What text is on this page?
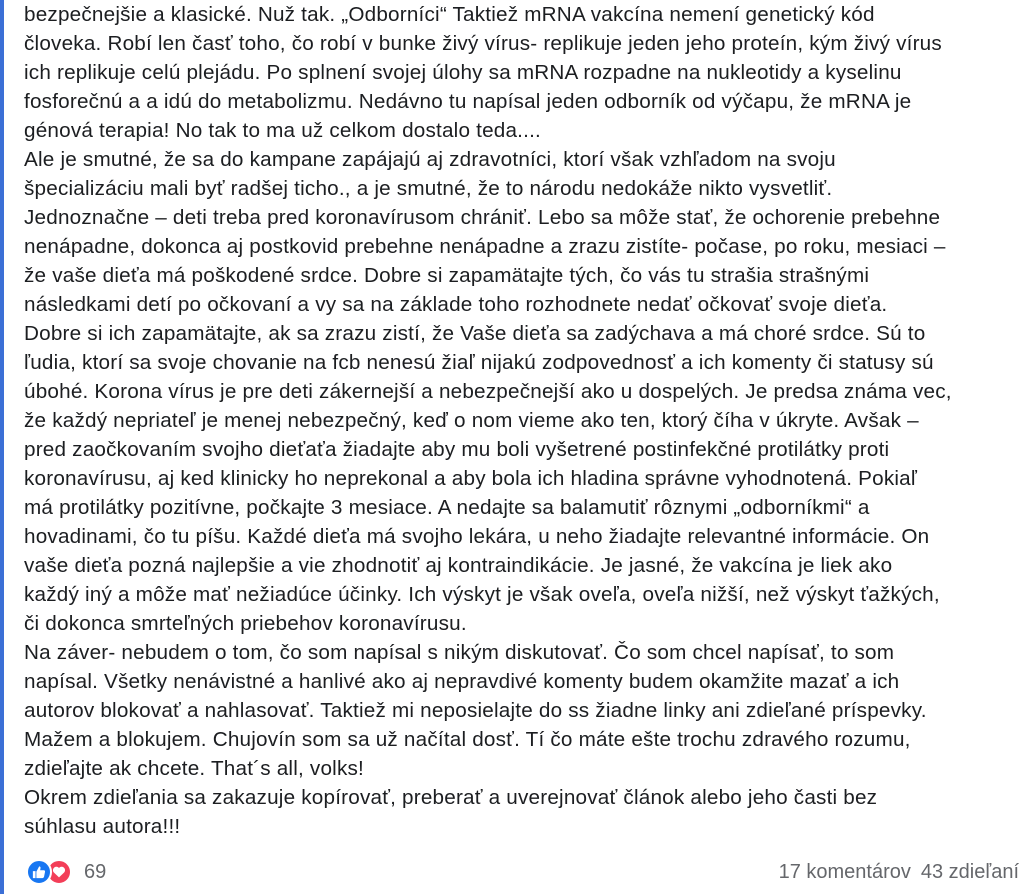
bezpečnejšie a klasické. Nuž tak. „Odborníci“ Taktiež mRNA vakcína nemení genetický kód
človeka. Robí len časť toho, čo robí v bunke živý vírus- replikuje jeden jeho proteín, kým živý vírus
ich replikuje celú plejádu. Po splnení svojej úlohy sa mRNA rozpadne na nukleotidy a kyselinu
fosforečnú a a idú do metabolizmu. Nedávno tu napísal jeden odborník od výčapu, že mRNA je
génová terapia! No tak to ma už celkom dostalo teda....
Ale je smutné, že sa do kampane zapájajú aj zdravotníci, ktorí však vzhľadom na svoju
špecializáciu mali byť radšej ticho., a je smutné, že to národu nedokáže nikto vysvetliť.
Jednoznačne – deti treba pred koronavírusom chrániť. Lebo sa môže stať, že ochorenie prebehne
nenápadne, dokonca aj postkovid prebehne nenápadne a zrazu zistíte- počase, po roku, mesiaci –
že vaše dieťa má poškodené srdce. Dobre si zapamätajte tých, čo vás tu strašia strašnými
následkami detí po očkovaní a vy sa na základe toho rozhodnete nedať očkovať svoje dieťa.
Dobre si ich zapamätajte, ak sa zrazu zistí, že Vaše dieťa sa zadýchava a má choré srdce. Sú to
ľudia, ktorí sa svoje chovanie na fcb nenesú žiaľ nijakú zodpovednosť a ich komenty či statusy sú
úbohé. Korona vírus je pre deti zákernejší a nebezpečnejší ako u dospelých. Je predsa známa vec,
že každý nepriateľ je menej nebezpečný, keď o nom vieme ako ten, ktorý číha v úkryte. Avšak –
pred zaočkovaním svojho dieťaťa žiadajte aby mu boli vyšetrené postinfekčné protilátky proti
koronavírusu, aj ked klinicky ho neprekonal a aby bola ich hladina správne vyhodnotená. Pokiaľ
má protilátky pozitívne, počkajte 3 mesiace. A nedajte sa balamutiť rôznymi „odborníkmi“ a
hovadinami, čo tu píšu. Každé dieťa má svojho lekára, u neho žiadajte relevantné informácie. On
vaše dieťa pozná najlepšie a vie zhodnotiť aj kontraindikácie. Je jasné, že vakcína je liek ako
každý iný a môže mať nežiadúce účinky. Ich výskyt je však oveľa, oveľa nižší, než výskyt ťažkých,
či dokonca smrteľných priebehov koronavírusu.
Na záver- nebudem o tom, čo som napísal s nikým diskutovať. Čo som chcel napísať, to som
napísal. Všetky nenávistné a hanlivé ako aj nepravdivé komenty budem okamžite mazať a ich
autorov blokovať a nahlasovať. Taktiež mi neposielajte do ss žiadne linky ani zdieľané príspevky.
Mažem a blokujem. Chujovín som sa už načítal dosť. Tí čo máte ešte trochu zdravého rozumu,
zdieľajte ak chcete. That´s all, volks!
Okrem zdieľania sa zakazuje kopírovať, preberať a uverejnovať článok alebo jeho časti bez
súhlasu autora!!!

69	17 komentárov 43 zdieľaní
